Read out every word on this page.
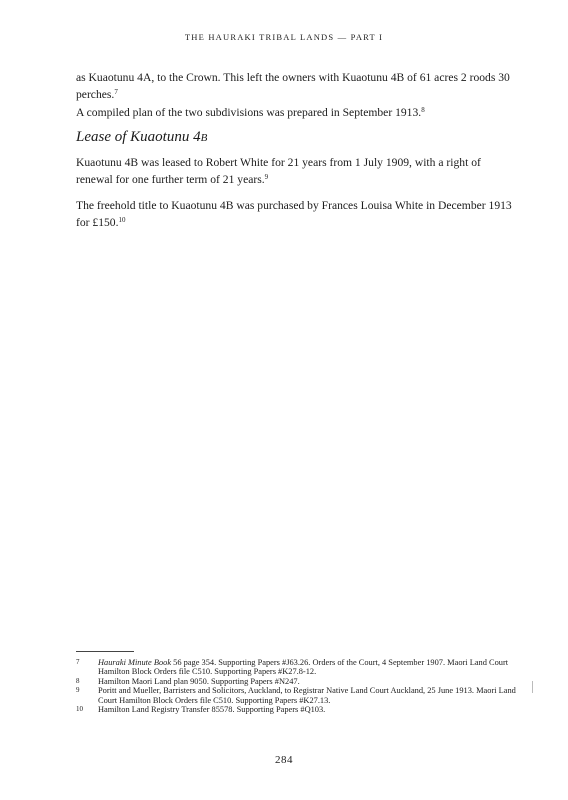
THE HAURAKI TRIBAL LANDS — PART I

as Kuaotunu 4A, to the Crown. This left the owners with Kuaotunu 4B of 61 acres 2 roods 30 perches.$^7$

A compiled plan of the two subdivisions was prepared in September 1913.$^8$

Lease of Kuaotunu 4B

Kuaotunu 4B was leased to Robert White for 21 years from 1 July 1909, with a right of renewal for one further term of 21 years.$^9$

The freehold title to Kuaotunu 4B was purchased by Frances Louisa White in December 1913 for £150.10

7	Hauraki Minute Book 56 page 354. Supporting Papers #J63.26. Orders of the Court, 4 September 1907. Maori Land Court Hamilton Block Orders file C510. Supporting Papers #K27.8-12.
8	Hamilton Maori Land plan 9050. Supporting Papers #N247.
9	Poritt and Mueller, Barristers and Solicitors, Auckland, to Registrar Native Land Court Auckland, 25 June 1913. Maori Land Court Hamilton Block Orders file C510. Supporting Papers #K27.13.
10	Hamilton Land Registry Transfer 85578. Supporting Papers #Q103.
284
